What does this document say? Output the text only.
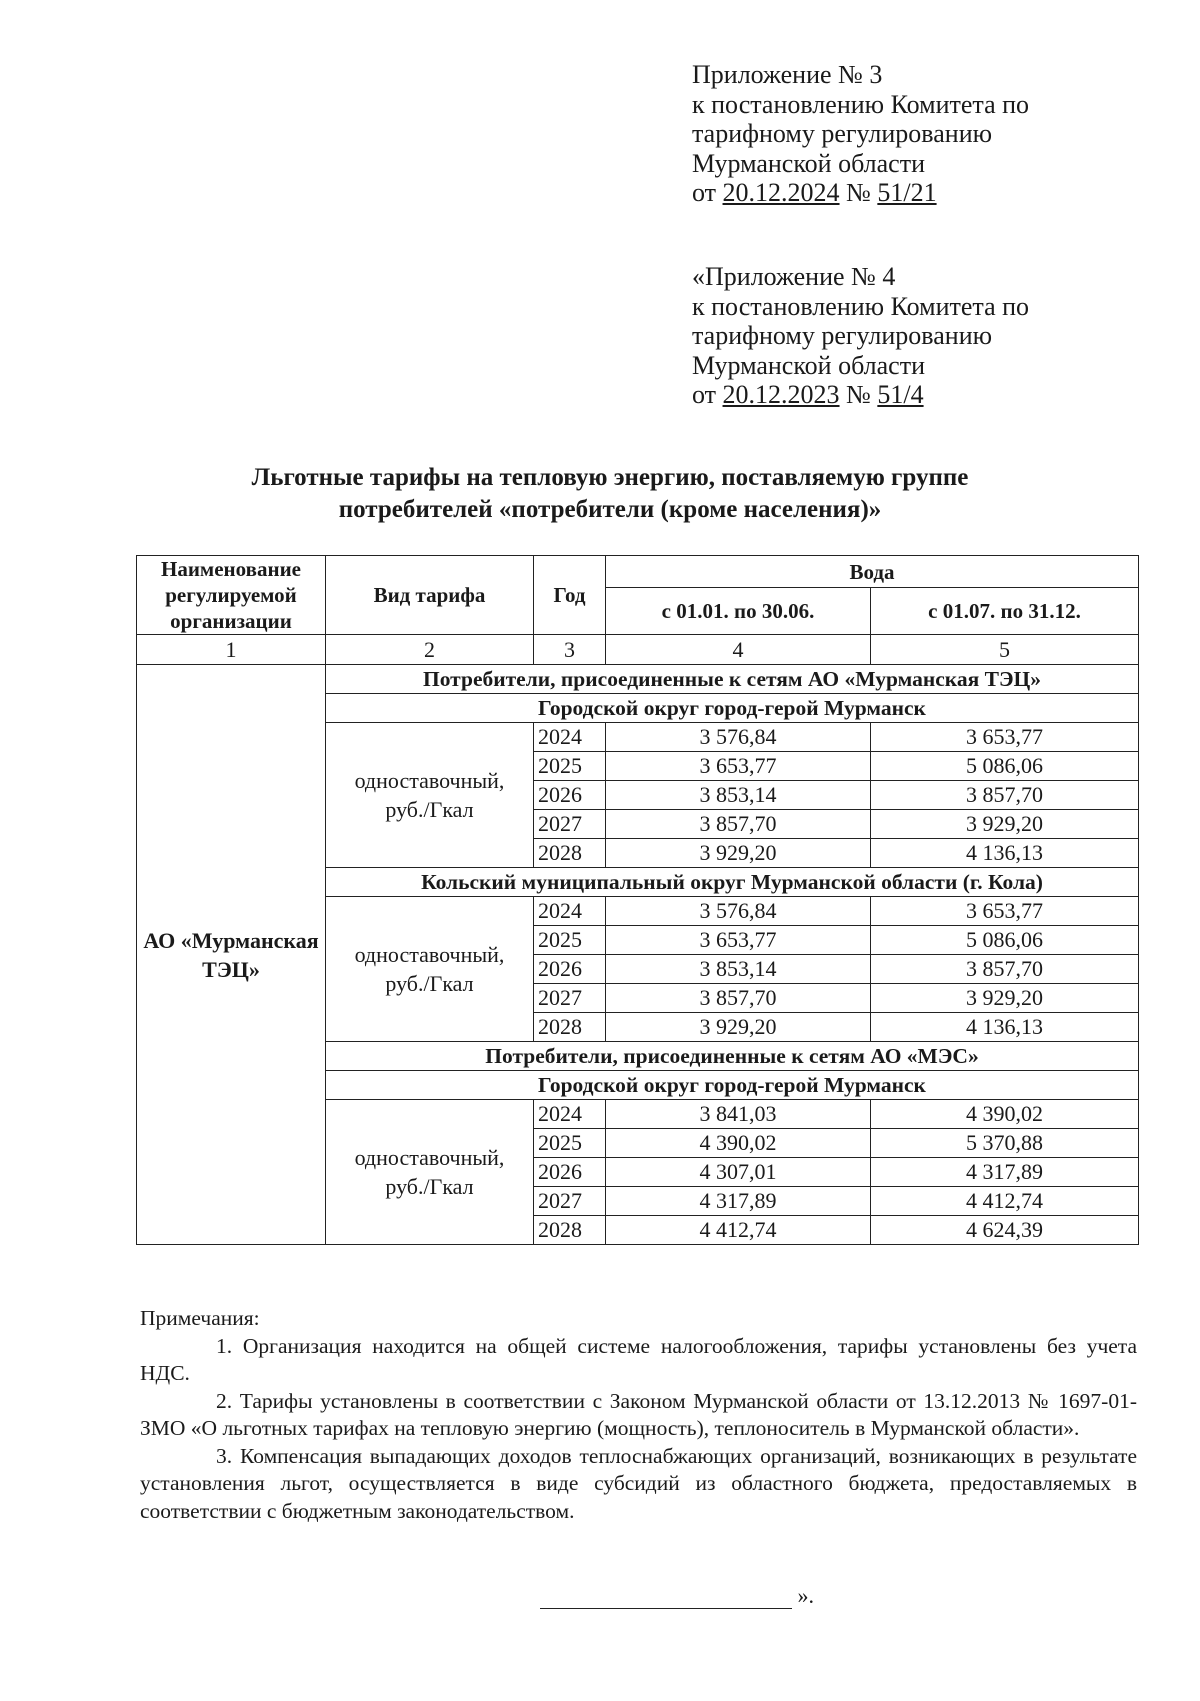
Приложение № 3
к постановлению Комитета по
тарифному регулированию
Мурманской области
от 20.12.2024 № 51/21
«Приложение № 4
к постановлению Комитета по
тарифному регулированию
Мурманской области
от 20.12.2023 № 51/4
Льготные тарифы на тепловую энергию, поставляемую группе
потребителей «потребители (кроме населения)»
Наименование регулируемой организации	Вид тарифа	Год	Вода	
			с 01.01. по 30.06.	с 01.07. по 31.12.
1	2	3	4	5
АО «Мурманская ТЭЦ»	Потребители, присоединенные к сетям АО «Мурманская ТЭЦ»			
	Городской округ город-герой Мурманск			
	одноставочный, руб./Гкал	2024	3 576,84	3 653,77
		2025	3 653,77	5 086,06
		2026	3 853,14	3 857,70
		2027	3 857,70	3 929,20
		2028	3 929,20	4 136,13
	Кольский муниципальный округ Мурманской области (г. Кола)			
	одноставочный, руб./Гкал	2024	3 576,84	3 653,77
		2025	3 653,77	5 086,06
		2026	3 853,14	3 857,70
		2027	3 857,70	3 929,20
		2028	3 929,20	4 136,13
	Потребители, присоединенные к сетям АО «МЭС»			
	Городской округ город-герой Мурманск			
	одноставочный, руб./Гкал	2024	3 841,03	4 390,02
		2025	4 390,02	5 370,88
		2026	4 307,01	4 317,89
		2027	4 317,89	4 412,74
		2028	4 412,74	4 624,39
Примечания:
1. Организация находится на общей системе налогообложения, тарифы установлены без учета НДС.
2. Тарифы установлены в соответствии с Законом Мурманской области от 13.12.2013 № 1697-01-ЗМО «О льготных тарифах на тепловую энергию (мощность), теплоноситель в Мурманской области».
3. Компенсация выпадающих доходов теплоснабжающих организаций, возникающих в результате установления льгот, осуществляется в виде субсидий из областного бюджета, предоставляемых в соответствии с бюджетным законодательством.
».
